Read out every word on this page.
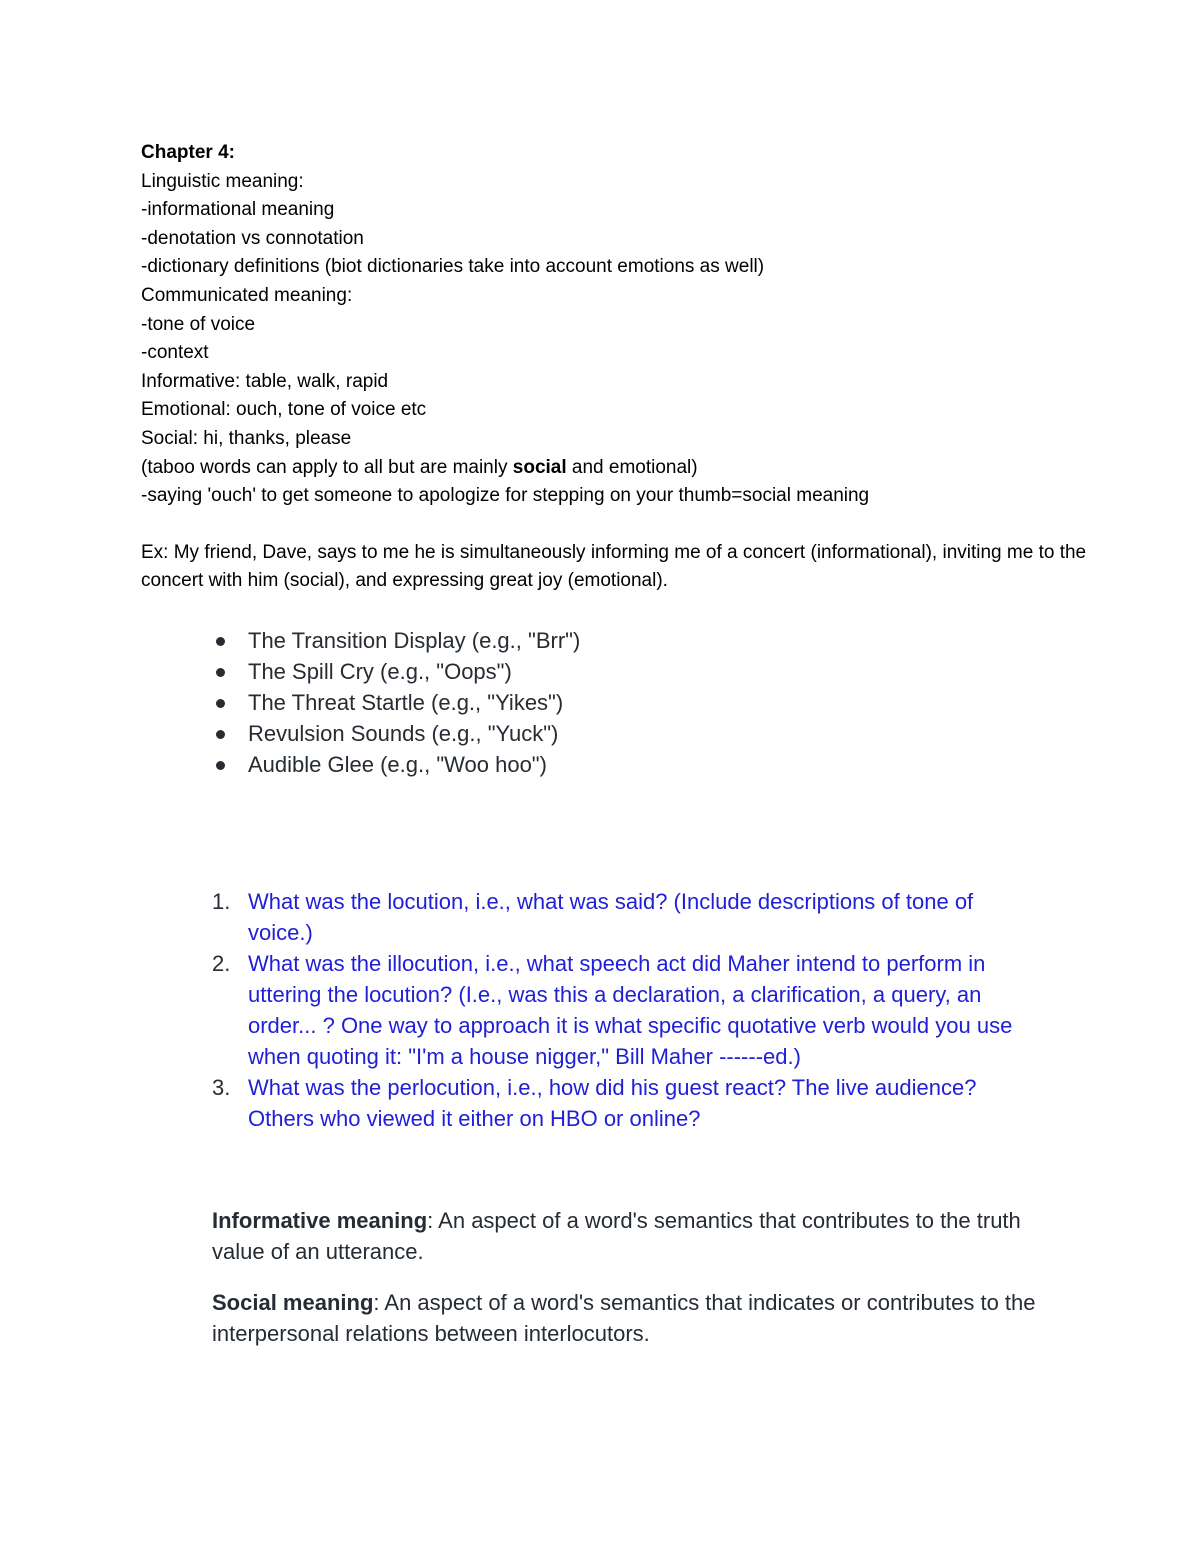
Chapter 4:
Linguistic meaning:
-informational meaning
-denotation vs connotation
-dictionary definitions (biot dictionaries take into account emotions as well)
Communicated meaning:
-tone of voice
-context
Informative: table, walk, rapid
Emotional: ouch, tone of voice etc
Social: hi, thanks, please
(taboo words can apply to all but are mainly social and emotional)
-saying 'ouch' to get someone to apologize for stepping on your thumb=social meaning
Ex: My friend, Dave, says to me he is simultaneously informing me of a concert (informational), inviting me to the concert with him (social), and expressing great joy (emotional).
The Transition Display (e.g., "Brr")
The Spill Cry (e.g., "Oops")
The Threat Startle (e.g., "Yikes")
Revulsion Sounds (e.g., "Yuck")
Audible Glee (e.g., "Woo hoo")
1. What was the locution, i.e., what was said? (Include descriptions of tone of voice.)
2. What was the illocution, i.e., what speech act did Maher intend to perform in uttering the locution? (I.e., was this a declaration, a clarification, a query, an order... ? One way to approach it is what specific quotative verb would you use when quoting it: "I'm a house nigger," Bill Maher ------ed.)
3. What was the perlocution, i.e., how did his guest react? The live audience? Others who viewed it either on HBO or online?

Informative meaning: An aspect of a word's semantics that contributes to the truth value of an utterance.

Social meaning: An aspect of a word's semantics that indicates or contributes to the interpersonal relations between interlocutors.
